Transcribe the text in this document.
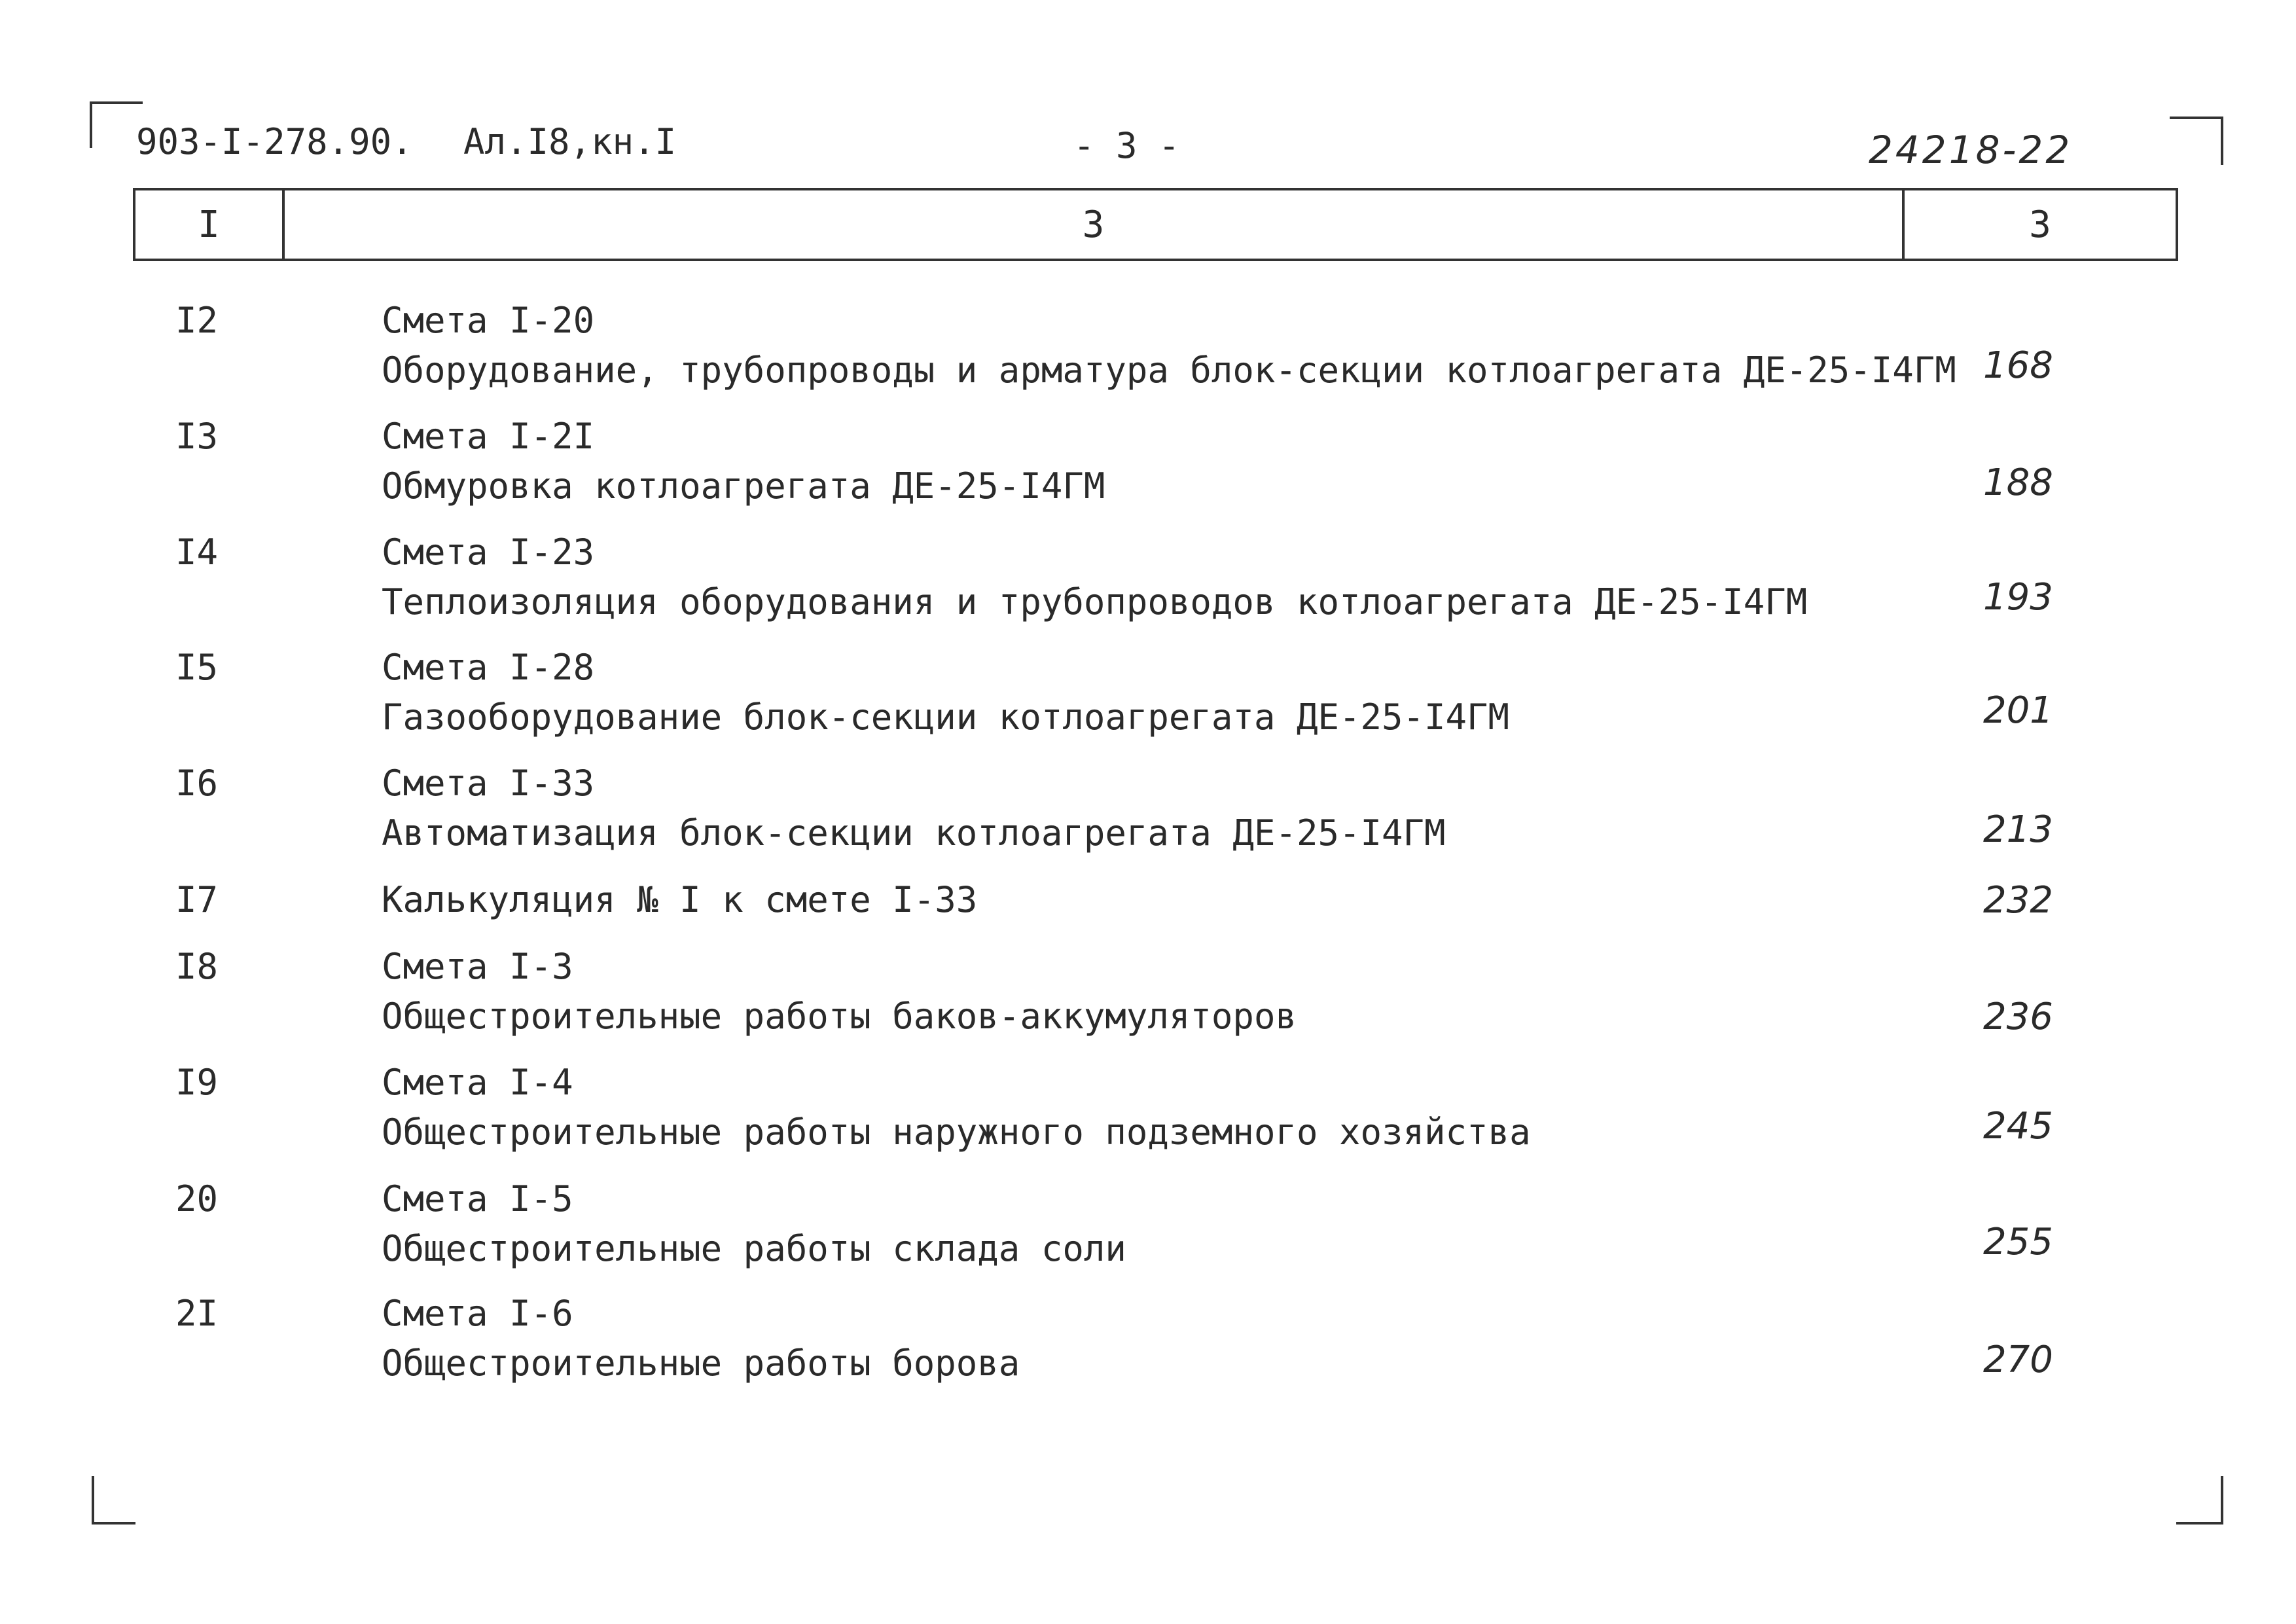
903-I-278.90. Ал.I8,кн.I	- 3 -	24218-22
I	3	3
I2	Смета I-20
Оборудование, трубопроводы и арматура блок-секции котлоагрегата ДЕ-25-I4ГМ 168
I3	Смета I-2I
Обмуровка котлоагрегата ДЕ-25-I4ГМ	188
I4	Смета I-23
Теплоизоляция оборудования и трубопроводов котлоагрегата ДЕ-25-I4ГМ	193
I5	Смета I-28
Газооборудование блок-секции котлоагрегата ДЕ-25-I4ГМ	201
I6	Смета I-33
Автоматизация блок-секции котлоагрегата ДЕ-25-I4ГМ	213
I7	Калькуляция № I к смете I-33	232
I8	Смета I-3
Общестроительные работы баков-аккумуляторов	236
I9	Смета I-4
Общестроительные работы наружного подземного хозяйства	245
20	Смета I-5
Общестроительные работы склада соли	255
2I	Смета I-6
Общестроительные работы борова	270
